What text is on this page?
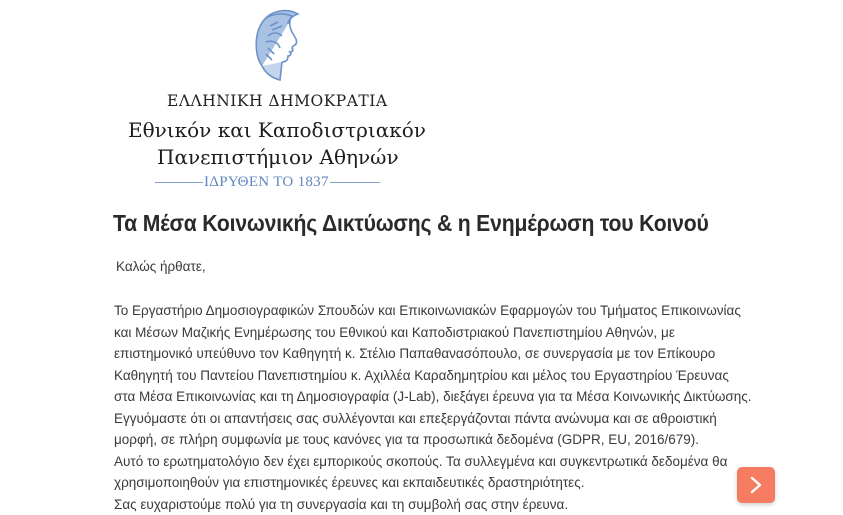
ΕΛΛΗΝΙΚΗ ΔΗΜΟΚΡΑΤΙΑ
Εθνικόν και Καποδιστριακόν
Πανεπιστήμιον Αθηνών
ΙΔΡΥΘΕΝ ΤΟ 1837
Τα Μέσα Κοινωνικής Δικτύωσης & η Ενημέρωση του Κοινού
Καλώς ήρθατε,

Το Εργαστήριο Δημοσιογραφικών Σπουδών και Επικοινωνιακών Εφαρμογών του Τμήματος Επικοινωνίας

και Μέσων Μαζικής Ενημέρωσης του Εθνικού και Καποδιστριακού Πανεπιστημίου Αθηνών, με

επιστημονικό υπεύθυνο τον Καθηγητή κ. Στέλιο Παπαθανασόπουλο, σε συνεργασία με τον Επίκουρο

Καθηγητή του Παντείου Πανεπιστημίου κ. Αχιλλέα Καραδημητρίου και μέλος του Εργαστηρίου Έρευνας

στα Μέσα Επικοινωνίας και τη Δημοσιογραφία (J-Lab), διεξάγει έρευνα για τα Μέσα Κοινωνικής Δικτύωσης.

Εγγυόμαστε ότι οι απαντήσεις σας συλλέγονται και επεξεργάζονται πάντα ανώνυμα και σε αθροιστική

μορφή, σε πλήρη συμφωνία με τους κανόνες για τα προσωπικά δεδομένα (GDPR, EU, 2016/679).

Αυτό το ερωτηματολόγιο δεν έχει εμπορικούς σκοπούς. Τα συλλεγμένα και συγκεντρωτικά δεδομένα θα

χρησιμοποιηθούν για επιστημονικές έρευνες και εκπαιδευτικές δραστηριότητες.

Σας ευχαριστούμε πολύ για τη συνεργασία και τη συμβολή σας στην έρευνα.
